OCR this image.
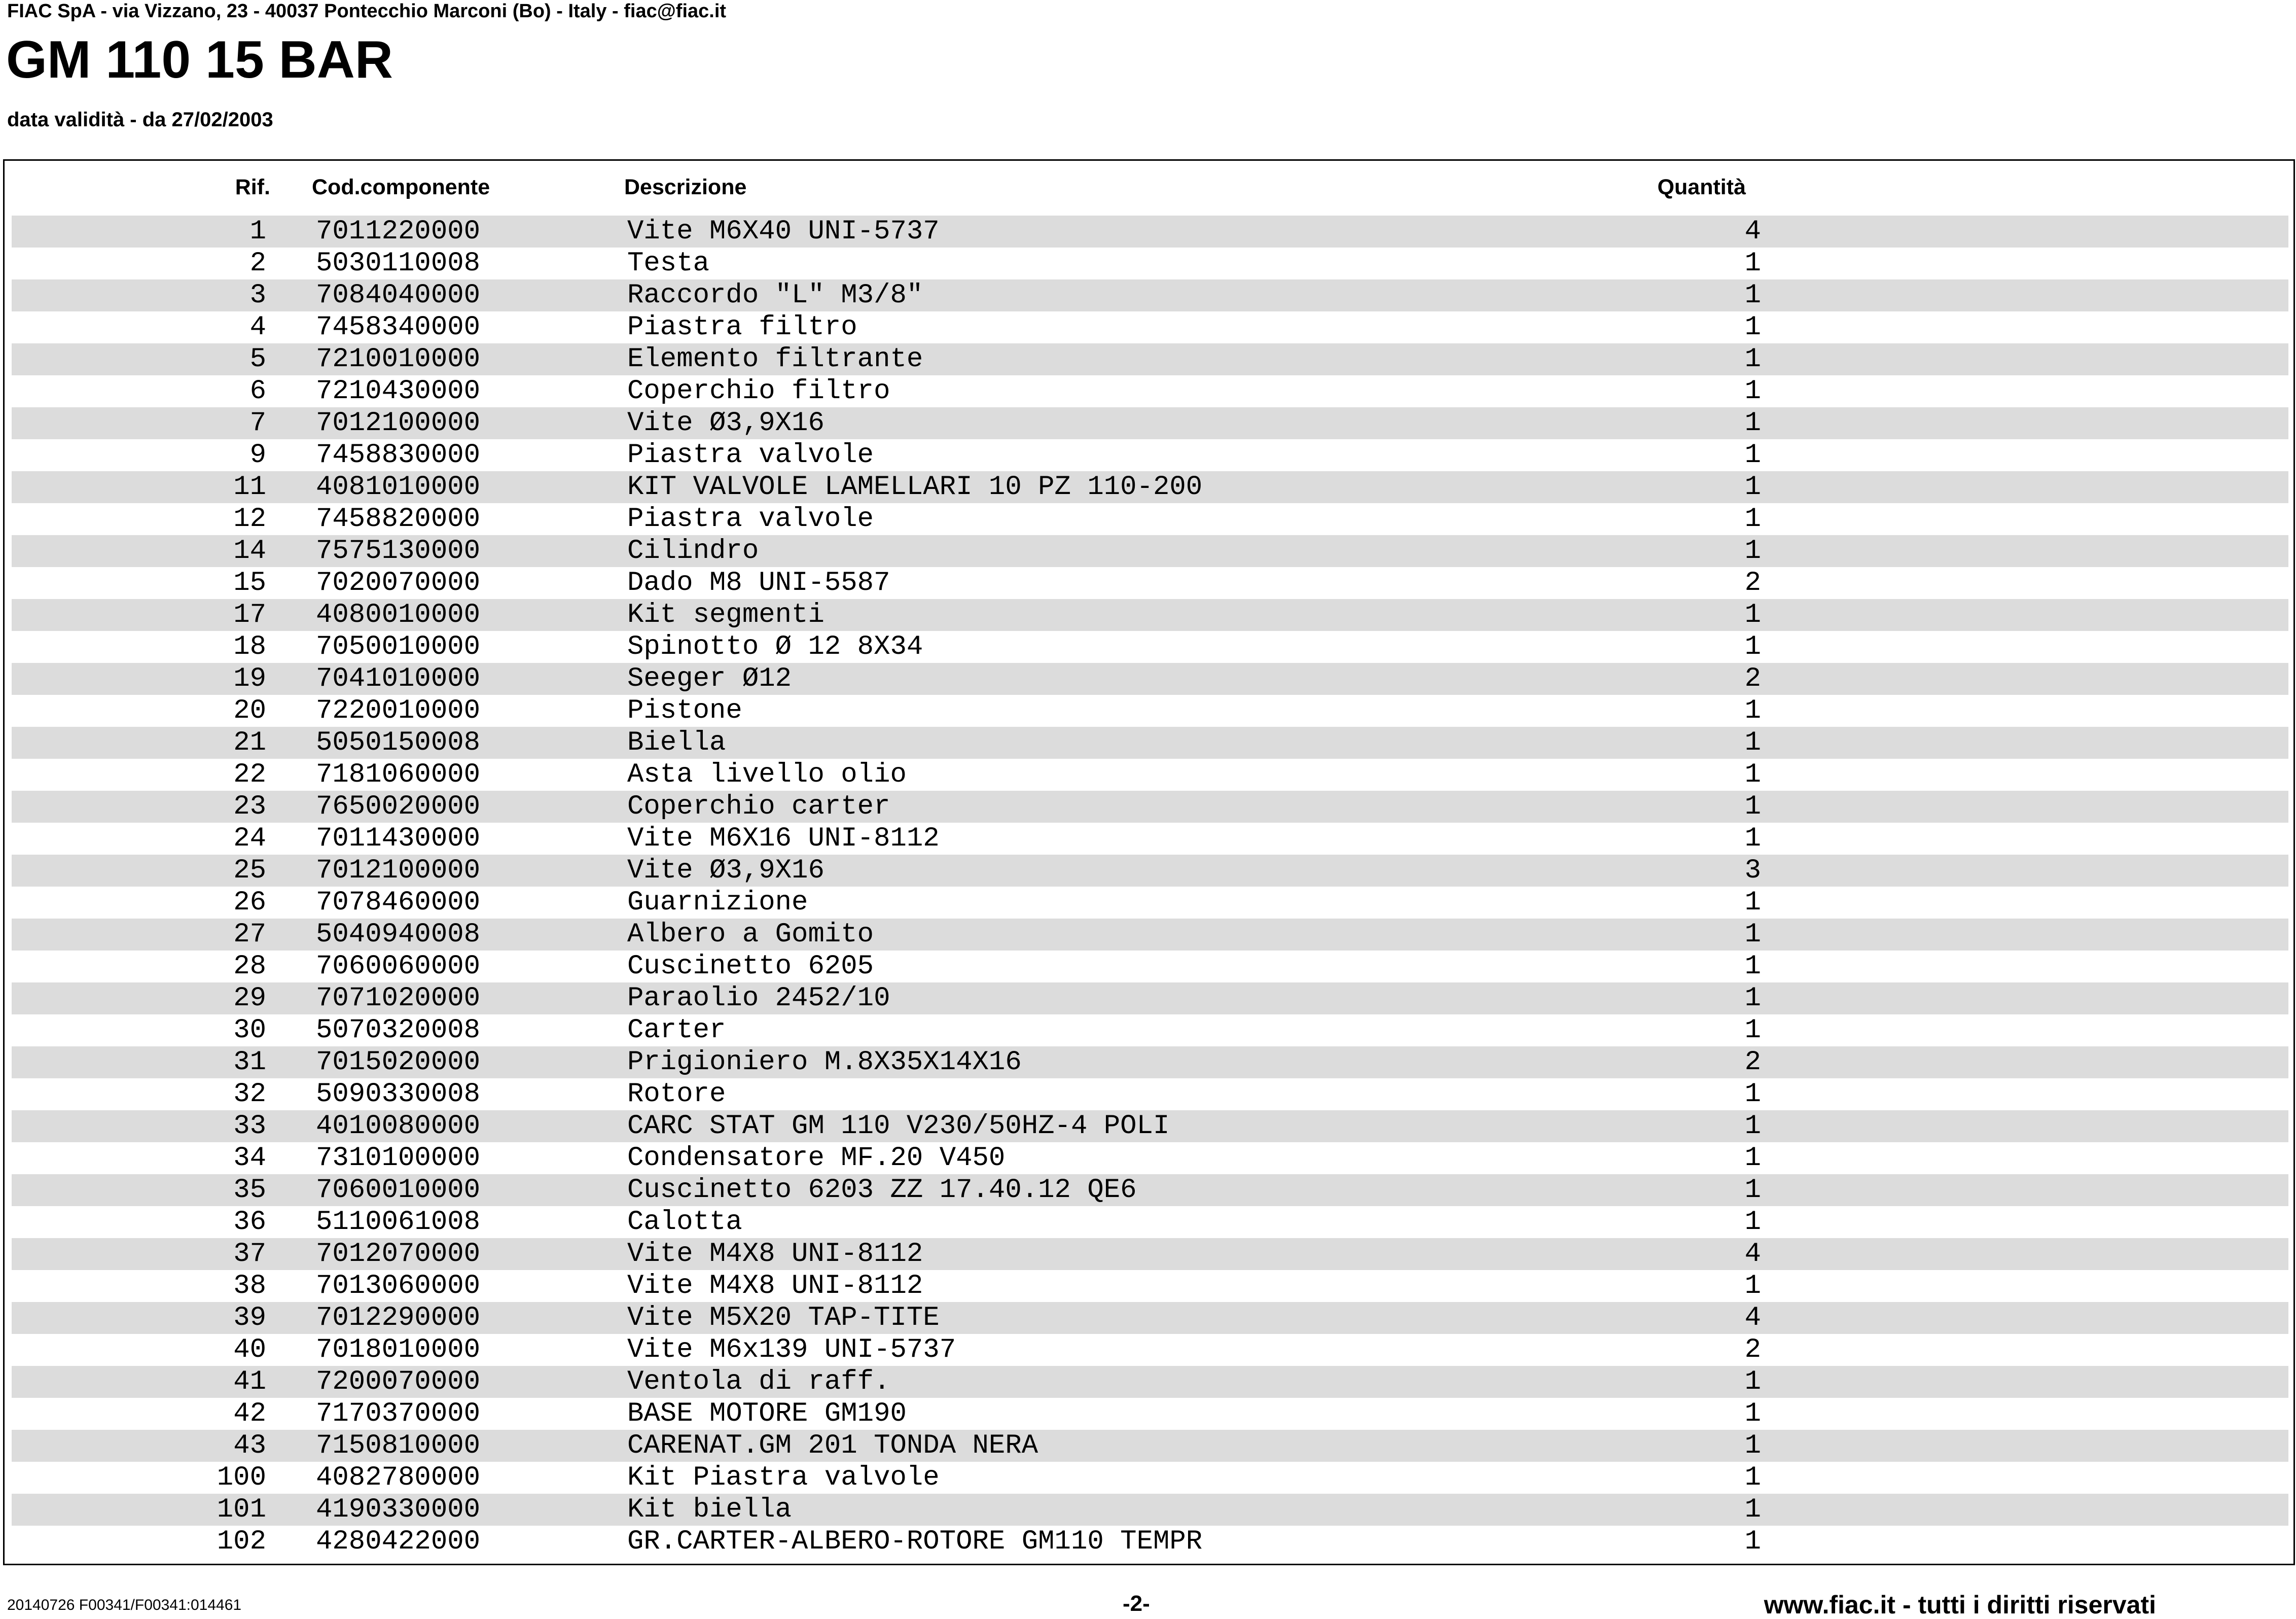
FIAC SpA - via Vizzano, 23 - 40037 Pontecchio Marconi (Bo) - Italy - fiac@fiac.it
GM 110 15 BAR
data validità - da 27/02/2003
Rif. Cod.componente	Descrizione	Quantità
1 7011220000	Vite M6X40 UNI-5737	4
2 5030110008	Testa	1
3 7084040000	Raccordo "L" M3/8"	1
4 7458340000	Piastra filtro	1
5 7210010000	Elemento filtrante	1
6 7210430000	Coperchio filtro	1
7 7012100000	Vite Ø3,9X16	1
9 7458830000	Piastra valvole	1
11 4081010000	KIT VALVOLE LAMELLARI 10 PZ 110-200	1
12 7458820000	Piastra valvole	1
14 7575130000	Cilindro	1
15 7020070000	Dado M8 UNI-5587	2
17 4080010000	Kit segmenti	1
18 7050010000	Spinotto Ø 12 8X34	1
19 7041010000	Seeger Ø12	2
20 7220010000	Pistone	1
21 5050150008	Biella	1
22 7181060000	Asta livello olio	1
23 7650020000	Coperchio carter	1
24 7011430000	Vite M6X16 UNI-8112	1
25 7012100000	Vite Ø3,9X16	3
26 7078460000	Guarnizione	1
27 5040940008	Albero a Gomito	1
28 7060060000	Cuscinetto 6205	1
29 7071020000	Paraolio 2452/10	1
30 5070320008	Carter	1
31 7015020000	Prigioniero M.8X35X14X16	2
32 5090330008	Rotore	1
33 4010080000	CARC STAT GM 110 V230/50HZ-4 POLI	1
34 7310100000	Condensatore MF.20 V450	1
35 7060010000	Cuscinetto 6203 ZZ 17.40.12 QE6	1
36 5110061008	Calotta	1
37 7012070000	Vite M4X8 UNI-8112	4
38 7013060000	Vite M4X8 UNI-8112	1
39 7012290000	Vite M5X20 TAP-TITE	4
40 7018010000	Vite M6x139 UNI-5737	2
41 7200070000	Ventola di raff.	1
42 7170370000	BASE MOTORE GM190	1
43 7150810000	CARENAT.GM 201 TONDA NERA	1
100 4082780000	Kit Piastra valvole	1
101 4190330000	Kit biella	1
102 4280422000	GR.CARTER-ALBERO-ROTORE GM110 TEMPR	1
20140726 F00341/F00341:014461	-2-	www.fiac.it - tutti i diritti riservati
